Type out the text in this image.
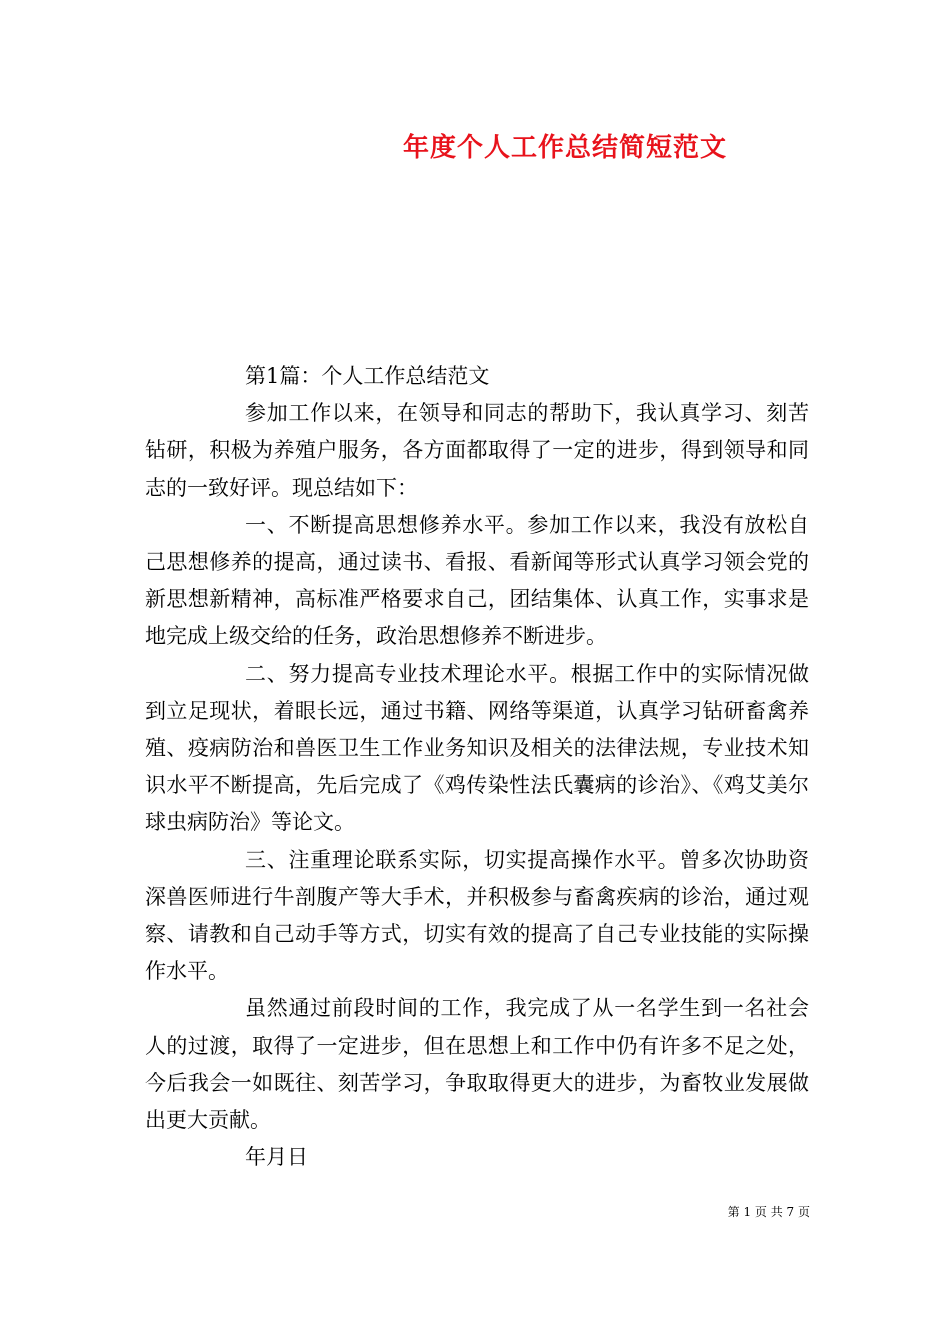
年度个人工作总结简短范文

第1篇：个人工作总结范文

参加工作以来，在领导和同志的帮助下，我认真学习、刻苦钻研，积极为养殖户服务，各方面都取得了一定的进步，得到领导和同志的一致好评。现总结如下：

一、不断提高思想修养水平。参加工作以来，我没有放松自己思想修养的提高，通过读书、看报、看新闻等形式认真学习领会党的新思想新精神，高标准严格要求自己，团结集体、认真工作，实事求是地完成上级交给的任务，政治思想修养不断进步。

二、努力提高专业技术理论水平。根据工作中的实际情况做到立足现状，着眼长远，通过书籍、网络等渠道，认真学习钻研畜禽养殖、疫病防治和兽医卫生工作业务知识及相关的法律法规，专业技术知识水平不断提高，先后完成了《鸡传染性法氏囊病的诊治》、《鸡艾美尔球虫病防治》等论文。

三、注重理论联系实际，切实提高操作水平。曾多次协助资深兽医师进行牛剖腹产等大手术，并积极参与畜禽疾病的诊治，通过观察、请教和自己动手等方式，切实有效的提高了自己专业技能的实际操作水平。

虽然通过前段时间的工作，我完成了从一名学生到一名社会人的过渡，取得了一定进步，但在思想上和工作中仍有许多不足之处，今后我会一如既往、刻苦学习，争取取得更大的进步，为畜牧业发展做出更大贡献。

年月日

第 1 页 共 7 页
